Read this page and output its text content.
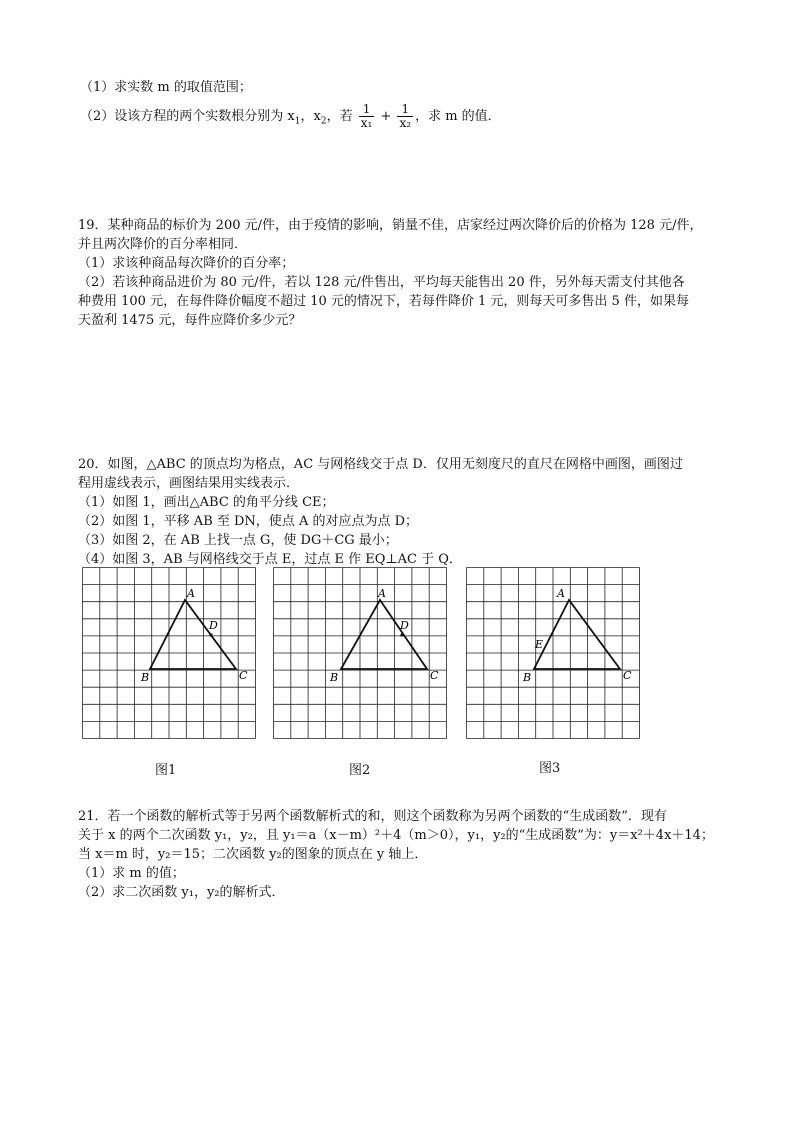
（1）求实数 m 的取值范围；
（2）设该方程的两个实数根分别为 $x_1$，$x_2$，若 $\frac{1}{\text{x₁}} + \frac{1}{\text{x₂}}$ ，求 m 的值．
19．某种商品的标价为 200 元/件，由于疫情的影响，销量不佳，店家经过两次降价后的价格为 128 元/件，
并且两次降价的百分率相同．
（1）求该种商品每次降价的百分率；
（2）若该种商品进价为 80 元/件，若以 128 元/件售出，平均每天能售出 20 件，另外每天需支付其他各
种费用 100 元，在每件降价幅度不超过 10 元的情况下，若每件降价 1 元，则每天可多售出 5 件，如果每
天盈利 1475 元，每件应降价多少元？
20．如图，△ABC 的顶点均为格点，AC 与网格线交于点 D．仅用无刻度尺的直尺在网格中画图，画图过
程用虚线表示，画图结果用实线表示．
（1）如图 1，画出△ABC 的角平分线 CE；
（2）如图 1，平移 AB 至 DN，使点 A 的对应点为点 D；
（3）如图 2，在 AB 上找一点 G，使 DG＋CG 最小；
（4）如图 3，AB 与网格线交于点 E，过点 E 作 EQ⊥AC 于 Q．
A
B	C
D
A
B	C
D
A
B	C
E
图1	图2	图3
21．若一个函数的解析式等于另两个函数解析式的和，则这个函数称为另两个函数的“生成函数”．现有
关于 x 的两个二次函数 y₁，y₂，且 y₁＝a（x－m）²＋4（m＞0），y₁，y₂的“生成函数”为：y＝x²＋4x＋14；
当 x＝m 时，y₂＝15；二次函数 y₂的图象的顶点在 y 轴上．
（1）求 m 的值；
（2）求二次函数 y₁，y₂的解析式．
